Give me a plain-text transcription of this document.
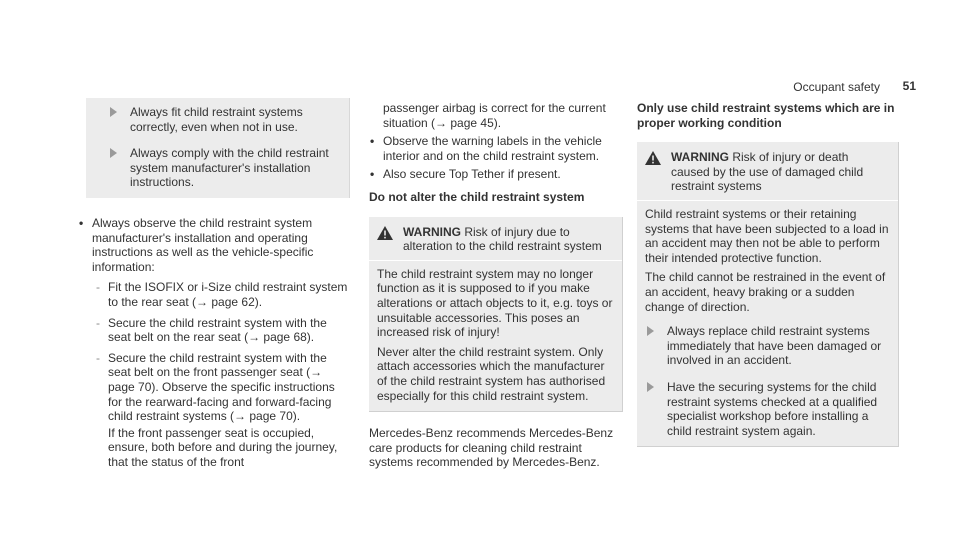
Occupant safety 51
Always fit child restraint systems correctly, even when not in use.
Always comply with the child restraint system manufacturer's installation instructions.
• Always observe the child restraint system manufacturer's installation and operating instructions as well as the vehicle-specific information:
- Fit the ISOFIX or i-Size child restraint system to the rear seat (→ page 62).
- Secure the child restraint system with the seat belt on the rear seat (→ page 68).
- Secure the child restraint system with the seat belt on the front passenger seat (→ page 70). Observe the specific instructions for the rearward-facing and forward-facing child restraint systems (→ page 70).
If the front passenger seat is occupied, ensure, both before and during the journey, that the status of the front
passenger airbag is correct for the current situation (→ page 45).
• Observe the warning labels in the vehicle interior and on the child restraint system.
• Also secure Top Tether if present.
Do not alter the child restraint system
WARNING Risk of injury due to alteration to the child restraint system

The child restraint system may no longer function as it is supposed to if you make alterations or attach objects to it, e.g. toys or unsuitable accessories. This poses an increased risk of injury!

Never alter the child restraint system. Only attach accessories which the manufacturer of the child restraint system has authorised especially for this child restraint system.

Mercedes-Benz recommends Mercedes-Benz care products for cleaning child restraint systems recommended by Mercedes-Benz.
Only use child restraint systems which are in proper working condition
WARNING Risk of injury or death caused by the use of damaged child restraint systems

Child restraint systems or their retaining systems that have been subjected to a load in an accident may then not be able to perform their intended protective function.

The child cannot be restrained in the event of an accident, heavy braking or a sudden change of direction.

Always replace child restraint systems immediately that have been damaged or involved in an accident.
Have the securing systems for the child restraint systems checked at a qualified specialist workshop before installing a child restraint system again.
